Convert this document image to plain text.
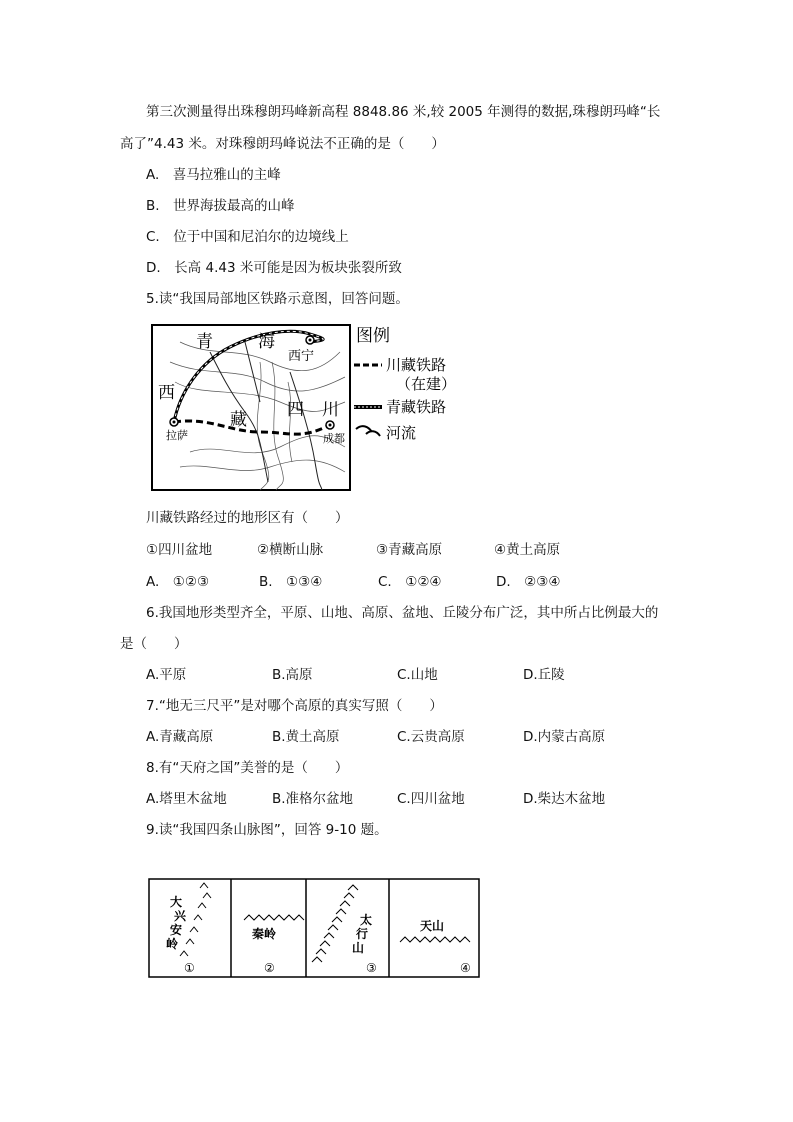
第三次测量得出珠穆朗玛峰新高程 8848.86 米,较 2005 年测得的数据,珠穆朗玛峰“长
高了”4.43 米。对珠穆朗玛峰说法不正确的是（　　）
A.　喜马拉雅山的主峰
B.　世界海拔最高的山峰
C.　位于中国和尼泊尔的边境线上
D.　长高 4.43 米可能是因为板块张裂所致
5.读“我国局部地区铁路示意图，回答问题。
青	海
西宁
西
拉萨
藏 四 川
成都
图例
川藏铁路
（在建）
青藏铁路
河流
川藏铁路经过的地形区有（　　）
①四川盆地	②横断山脉	③青藏高原	④黄土高原
A.　①②③	B.　①③④	C.　①②④	D.　②③④
6.我国地形类型齐全，平原、山地、高原、盆地、丘陵分布广泛，其中所占比例最大的
是（　　）
A.平原	B.高原	C.山地	D.丘陵
7.“地无三尺平”是对哪个高原的真实写照（　　）
A.青藏高原	B.黄土高原	C.云贵高原	D.内蒙古高原
8.有“天府之国”美誉的是（　　）
A.塔里木盆地	B.准格尔盆地	C.四川盆地	D.柴达木盆地
9.读“我国四条山脉图”，回答 9-10 题。
大 兴 安 岭
①
秦岭
②
太 行 山
③
天山
④
